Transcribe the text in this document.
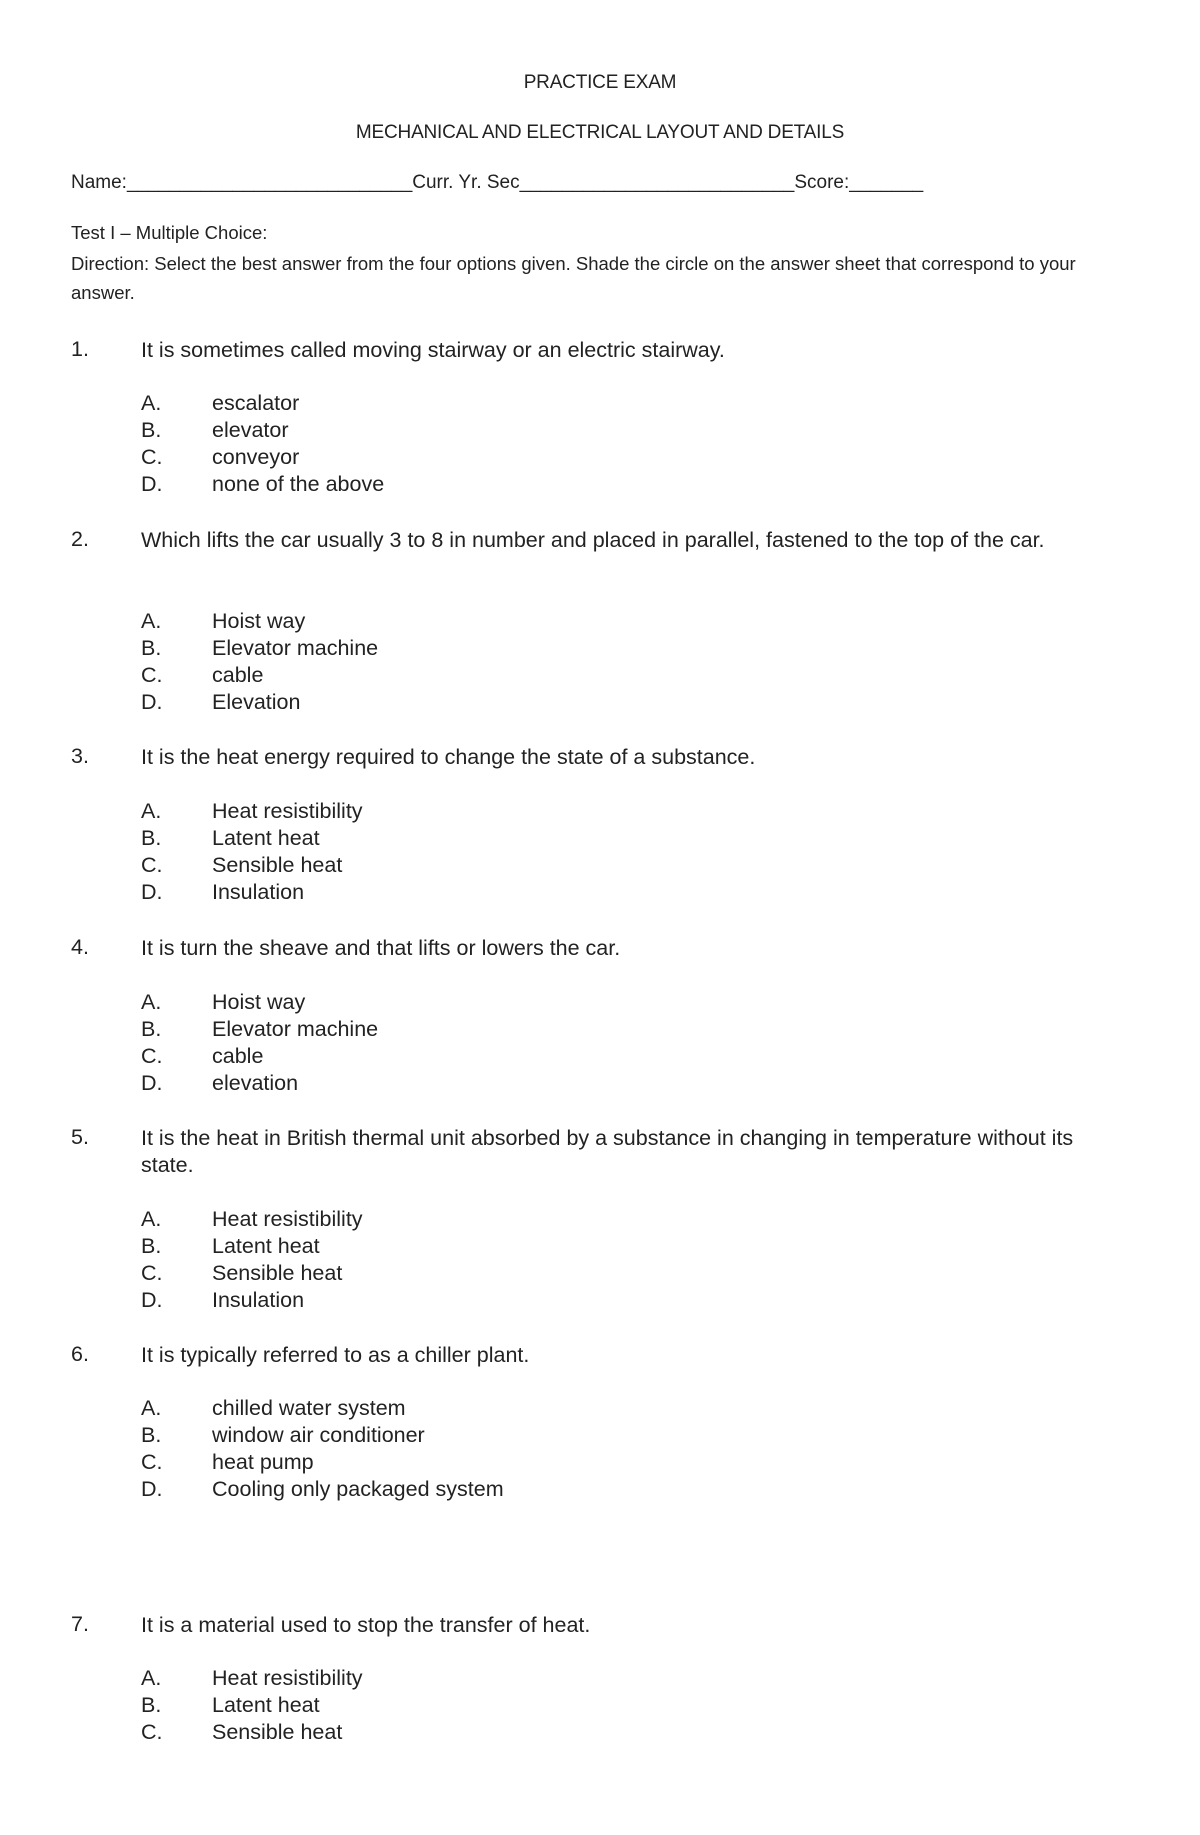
PRACTICE EXAM
MECHANICAL AND ELECTRICAL LAYOUT AND DETAILS
Name:___________________________Curr. Yr. Sec__________________________Score:_______
Test I – Multiple Choice:
Direction: Select the best answer from the four options given. Shade the circle on the answer sheet that correspond to your answer.
1. It is sometimes called moving stairway or an electric stairway.
A. escalator
B. elevator
C. conveyor
D. none of the above
2. Which lifts the car usually 3 to 8 in number and placed in parallel, fastened to the top of the car.
A. Hoist way
B. Elevator machine
C. cable
D. Elevation
3. It is the heat energy required to change the state of a substance.
A. Heat resistibility
B. Latent heat
C. Sensible heat
D. Insulation
4. It is turn the sheave and that lifts or lowers the car.
A. Hoist way
B. Elevator machine
C. cable
D. elevation
5. It is the heat in British thermal unit absorbed by a substance in changing in temperature without its state.
A. Heat resistibility
B. Latent heat
C. Sensible heat
D. Insulation
6. It is typically referred to as a chiller plant.
A. chilled water system
B. window air conditioner
C. heat pump
D. Cooling only packaged system
7. It is a material used to stop the transfer of heat.
A. Heat resistibility
B. Latent heat
C. Sensible heat
